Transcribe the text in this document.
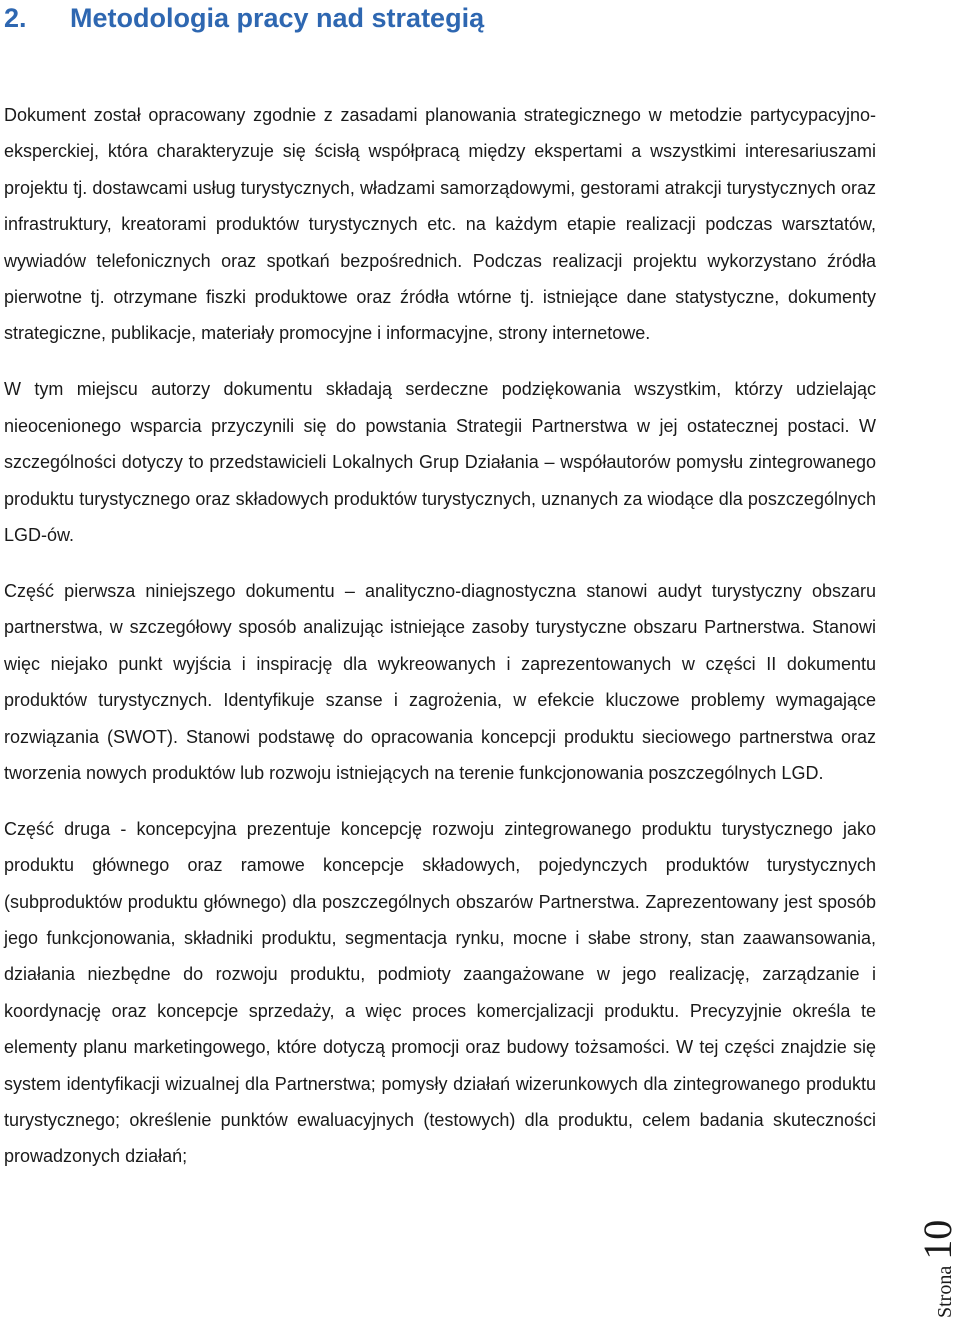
2. Metodologia pracy nad strategią

Dokument został opracowany zgodnie z zasadami planowania strategicznego w metodzie partycypacyjno-eksperckiej, która charakteryzuje się ścisłą współpracą między ekspertami a wszystkimi interesariuszami projektu tj. dostawcami usług turystycznych, władzami samorządowymi, gestorami atrakcji turystycznych oraz infrastruktury, kreatorami produktów turystycznych etc. na każdym etapie realizacji podczas warsztatów, wywiadów telefonicznych oraz spotkań bezpośrednich. Podczas realizacji projektu wykorzystano źródła pierwotne tj. otrzymane fiszki produktowe oraz źródła wtórne tj. istniejące dane statystyczne, dokumenty strategiczne, publikacje, materiały promocyjne i informacyjne, strony internetowe.

W tym miejscu autorzy dokumentu składają serdeczne podziękowania wszystkim, którzy udzielając nieocenionego wsparcia przyczynili się do powstania Strategii Partnerstwa w jej ostatecznej postaci. W szczególności dotyczy to przedstawicieli Lokalnych Grup Działania – współautorów pomysłu zintegrowanego produktu turystycznego oraz składowych produktów turystycznych, uznanych za wiodące dla poszczególnych LGD-ów.

Część pierwsza niniejszego dokumentu – analityczno-diagnostyczna stanowi audyt turystyczny obszaru partnerstwa, w szczegółowy sposób analizując istniejące zasoby turystyczne obszaru Partnerstwa. Stanowi więc niejako punkt wyjścia i inspirację dla wykreowanych i zaprezentowanych w części II dokumentu produktów turystycznych. Identyfikuje szanse i zagrożenia, w efekcie kluczowe problemy wymagające rozwiązania (SWOT). Stanowi podstawę do opracowania koncepcji produktu sieciowego partnerstwa oraz tworzenia nowych produktów lub rozwoju istniejących na terenie funkcjonowania poszczególnych LGD.

Część druga - koncepcyjna prezentuje koncepcję rozwoju zintegrowanego produktu turystycznego jako produktu głównego oraz ramowe koncepcje składowych, pojedynczych produktów turystycznych (subproduktów produktu głównego) dla poszczególnych obszarów Partnerstwa. Zaprezentowany jest sposób jego funkcjonowania, składniki produktu, segmentacja rynku, mocne i słabe strony, stan zaawansowania, działania niezbędne do rozwoju produktu, podmioty zaangażowane w jego realizację, zarządzanie i koordynację oraz koncepcje sprzedaży, a więc proces komercjalizacji produktu. Precyzyjnie określa te elementy planu marketingowego, które dotyczą promocji oraz budowy tożsamości. W tej części znajdzie się system identyfikacji wizualnej dla Partnerstwa; pomysły działań wizerunkowych dla zintegrowanego produktu turystycznego; określenie punktów ewaluacyjnych (testowych) dla produktu, celem badania skuteczności prowadzonych działań;

Strona
10
